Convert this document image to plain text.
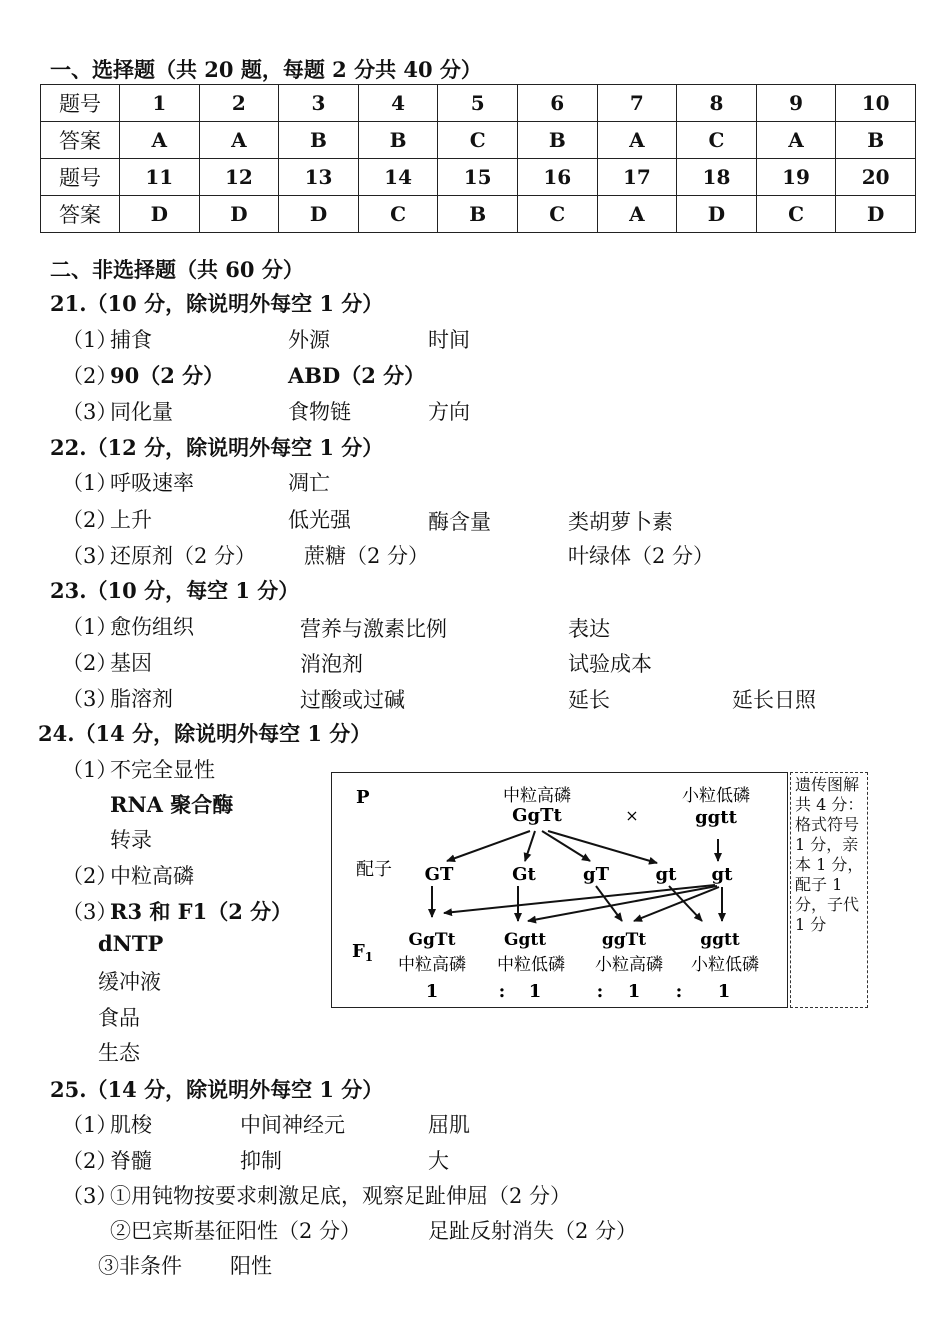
一、选择题（共 20 题，每题 2 分共 40 分）
题号	1	2	3	4	5	6	7	8	9	10
答案	A	A	B	B	C	B	A	C	A	B
题号	11	12	13	14	15	16	17	18	19	20
答案	D	D	D	C	B	C	A	D	C	D
二、非选择题（共 60 分）
21.（10 分，除说明外每空 1 分）
（1）
捕食	外源	时间
（2）
90（2 分）	ABD（2 分）
（3）
同化量	食物链	方向
22.（12 分，除说明外每空 1 分）
（1）
呼吸速率	凋亡
（2）
上升	低光强	酶含量	类胡萝卜素
（3）
还原剂（2 分） 蔗糖（2 分）	叶绿体（2 分）
23.（10 分，每空 1 分）
（1）
愈伤组织	营养与激素比例	表达
（2）
基因	消泡剂	试验成本
（3）
脂溶剂	过酸或过碱	延长	延长日照
24.（14 分，除说明外每空 1 分）
（1）
不完全显性
RNA 聚合酶
转录
（2）
中粒高磷
（3）
R3 和 F1（2 分）
dNTP
缓冲液
食品
生态
P	中粒高磷
GgTt	×
小粒低磷
ggtt
配子 GT	Gt	gT	gt gt
$F_1$
GgTt
中粒高磷
Ggtt
中粒低磷
ggTt
小粒高磷
ggtt
小粒低磷
1	: 1	: 1 : 1
遗传图解共 4 分：格式符号 1 分，亲本 1 分，配子 1 分，子代 1 分
25.（14 分，除说明外每空 1 分）
（1）
肌梭	中间神经元	屈肌
（2）
脊髓	抑制	大
（3）
①用钝物按要求刺激足底，观察足趾伸屈（2 分）
②巴宾斯基征阳性（2 分）	足趾反射消失（2 分）
③非条件 阳性
